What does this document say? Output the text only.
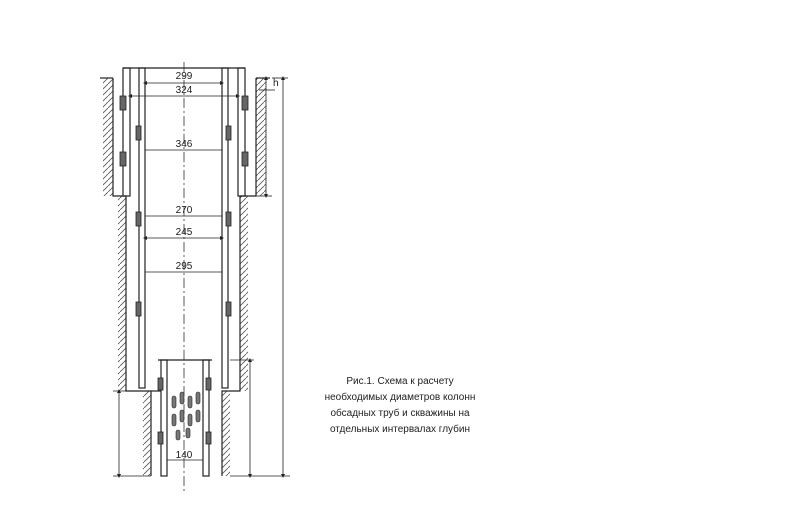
299
324
346
270
245
295
140
h
Рис.1. Схема к расчету
необходимых диаметров колонн
обсадных труб и скважины на
отдельных интервалах глубин
